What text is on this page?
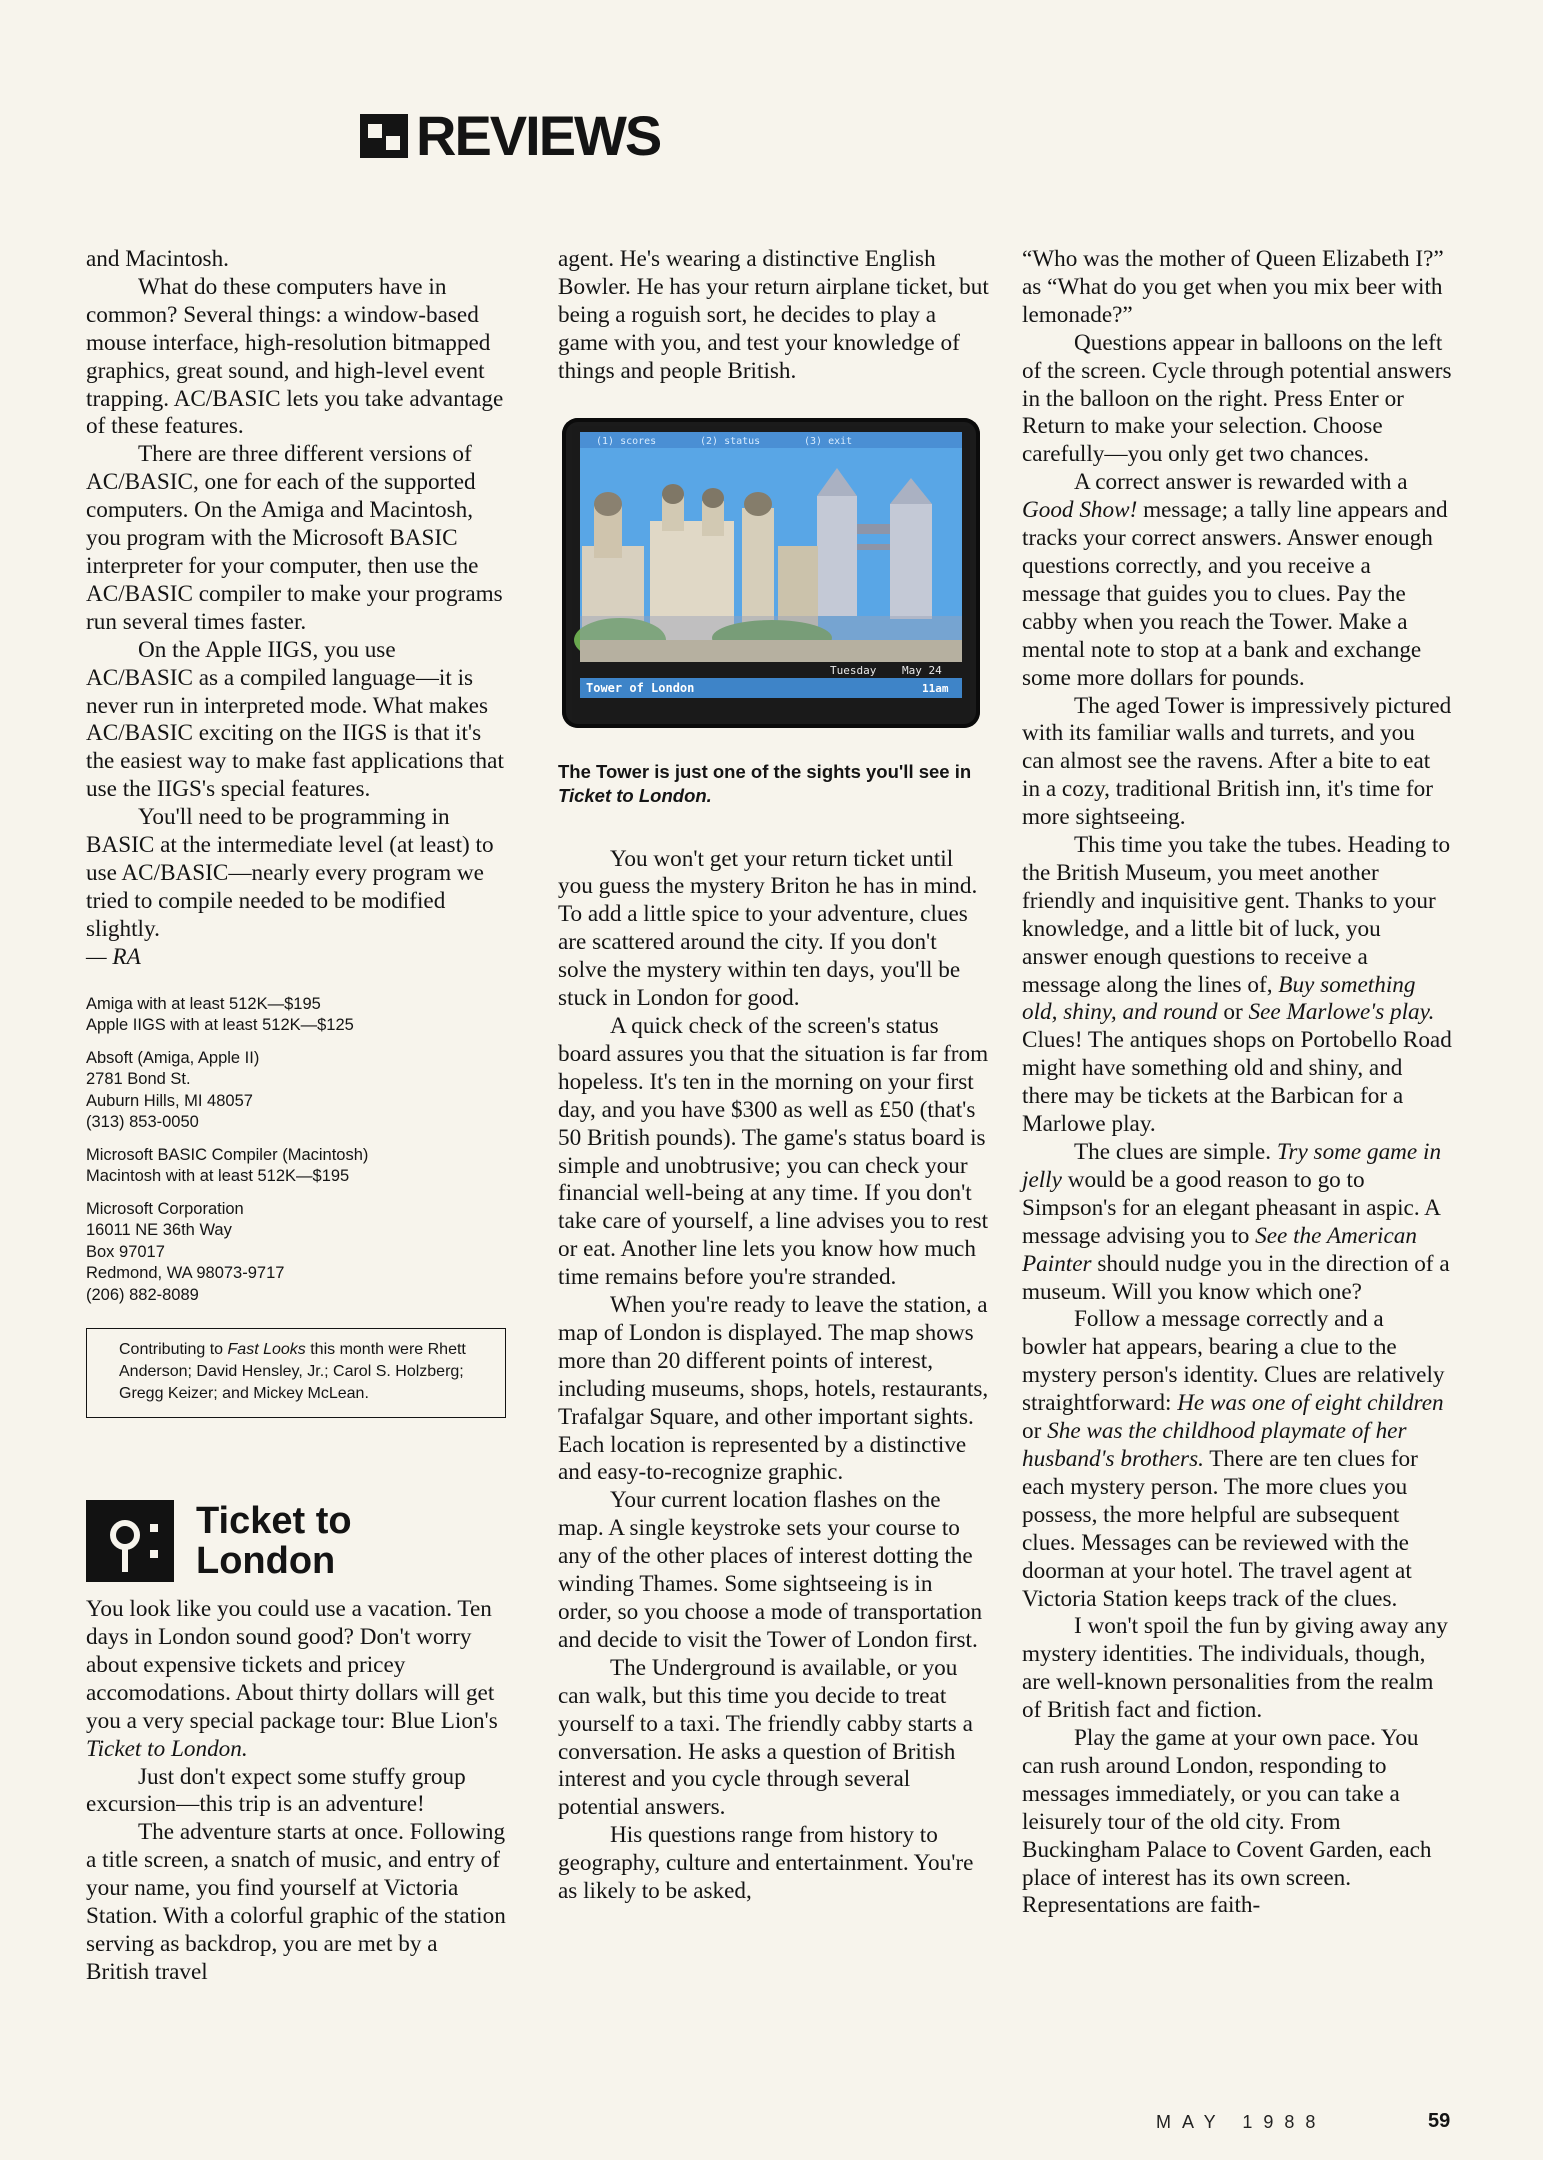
REVIEWS

and Macintosh.

What do these computers have in common? Several things: a window-based mouse interface, high-resolution bitmapped graphics, great sound, and high-level event trapping. AC/BASIC lets you take advantage of these features.

There are three different versions of AC/BASIC, one for each of the supported computers. On the Amiga and Macintosh, you program with the Microsoft BASIC interpreter for your computer, then use the AC/BASIC compiler to make your programs run several times faster.

On the Apple IIGS, you use AC/BASIC as a compiled language—it is never run in interpreted mode. What makes AC/BASIC exciting on the IIGS is that it's the easiest way to make fast applications that use the IIGS's special features.

You'll need to be programming in BASIC at the intermediate level (at least) to use AC/BASIC—nearly every program we tried to compile needed to be modified slightly.

— RA

Amiga with at least 512K—$195
Apple IIGS with at least 512K—$125
Absoft (Amiga, Apple II)
2781 Bond St.
Auburn Hills, MI 48057
(313) 853-0050
Microsoft BASIC Compiler (Macintosh)
Macintosh with at least 512K—$195
Microsoft Corporation
16011 NE 36th Way
Box 97017
Redmond, WA 98073-9717
(206) 882-8089
Contributing to Fast Looks this month were Rhett Anderson; David Hensley, Jr.; Carol S. Holzberg; Gregg Keizer; and Mickey McLean.
Ticket to
London

You look like you could use a vacation. Ten days in London sound good? Don't worry about expensive tickets and pricey accomodations. About thirty dollars will get you a very special package tour: Blue Lion's Ticket to London.

Just don't expect some stuffy group excursion—this trip is an adventure!

The adventure starts at once. Following a title screen, a snatch of music, and entry of your name, you find yourself at Victoria Station. With a colorful graphic of the station serving as backdrop, you are met by a British travel

agent. He's wearing a distinctive English Bowler. He has your return airplane ticket, but being a roguish sort, he decides to play a game with you, and test your knowledge of things and people British.

(1) scores	(2) status	(3) exit
Tuesday May 24
Tower of London	11am
The Tower is just one of the sights you'll see in Ticket to London.

You won't get your return ticket until you guess the mystery Briton he has in mind. To add a little spice to your adventure, clues are scattered around the city. If you don't solve the mystery within ten days, you'll be stuck in London for good.

A quick check of the screen's status board assures you that the situation is far from hopeless. It's ten in the morning on your first day, and you have $300 as well as £50 (that's 50 British pounds). The game's status board is simple and unobtrusive; you can check your financial well-being at any time. If you don't take care of yourself, a line advises you to rest or eat. Another line lets you know how much time remains before you're stranded.

When you're ready to leave the station, a map of London is displayed. The map shows more than 20 different points of interest, including museums, shops, hotels, restaurants, Trafalgar Square, and other important sights. Each location is represented by a distinctive and easy-to-recognize graphic.

Your current location flashes on the map. A single keystroke sets your course to any of the other places of interest dotting the winding Thames. Some sightseeing is in order, so you choose a mode of transportation and decide to visit the Tower of London first.

The Underground is available, or you can walk, but this time you decide to treat yourself to a taxi. The friendly cabby starts a conversation. He asks a question of British interest and you cycle through several potential answers.

His questions range from history to geography, culture and entertainment. You're as likely to be asked,

“Who was the mother of Queen Elizabeth I?” as “What do you get when you mix beer with lemonade?”

Questions appear in balloons on the left of the screen. Cycle through potential answers in the balloon on the right. Press Enter or Return to make your selection. Choose carefully—you only get two chances.

A correct answer is rewarded with a Good Show! message; a tally line appears and tracks your correct answers. Answer enough questions correctly, and you receive a message that guides you to clues. Pay the cabby when you reach the Tower. Make a mental note to stop at a bank and exchange some more dollars for pounds.

The aged Tower is impressively pictured with its familiar walls and turrets, and you can almost see the ravens. After a bite to eat in a cozy, traditional British inn, it's time for more sightseeing.

This time you take the tubes. Heading to the British Museum, you meet another friendly and inquisitive gent. Thanks to your knowledge, and a little bit of luck, you answer enough questions to receive a message along the lines of, Buy something old, shiny, and round or See Marlowe's play. Clues! The antiques shops on Portobello Road might have something old and shiny, and there may be tickets at the Barbican for a Marlowe play.

The clues are simple. Try some game in jelly would be a good reason to go to Simpson's for an elegant pheasant in aspic. A message advising you to See the American Painter should nudge you in the direction of a museum. Will you know which one?

Follow a message correctly and a bowler hat appears, bearing a clue to the mystery person's identity. Clues are relatively straightforward: He was one of eight children or She was the childhood playmate of her husband's brothers. There are ten clues for each mystery person. The more clues you possess, the more helpful are subsequent clues. Messages can be reviewed with the doorman at your hotel. The travel agent at Victoria Station keeps track of the clues.

I won't spoil the fun by giving away any mystery identities. The individuals, though, are well-known personalities from the realm of British fact and fiction.

Play the game at your own pace. You can rush around London, responding to messages immediately, or you can take a leisurely tour of the old city. From Buckingham Palace to Covent Garden, each place of interest has its own screen. Representations are faith-

MAY 1988	59
